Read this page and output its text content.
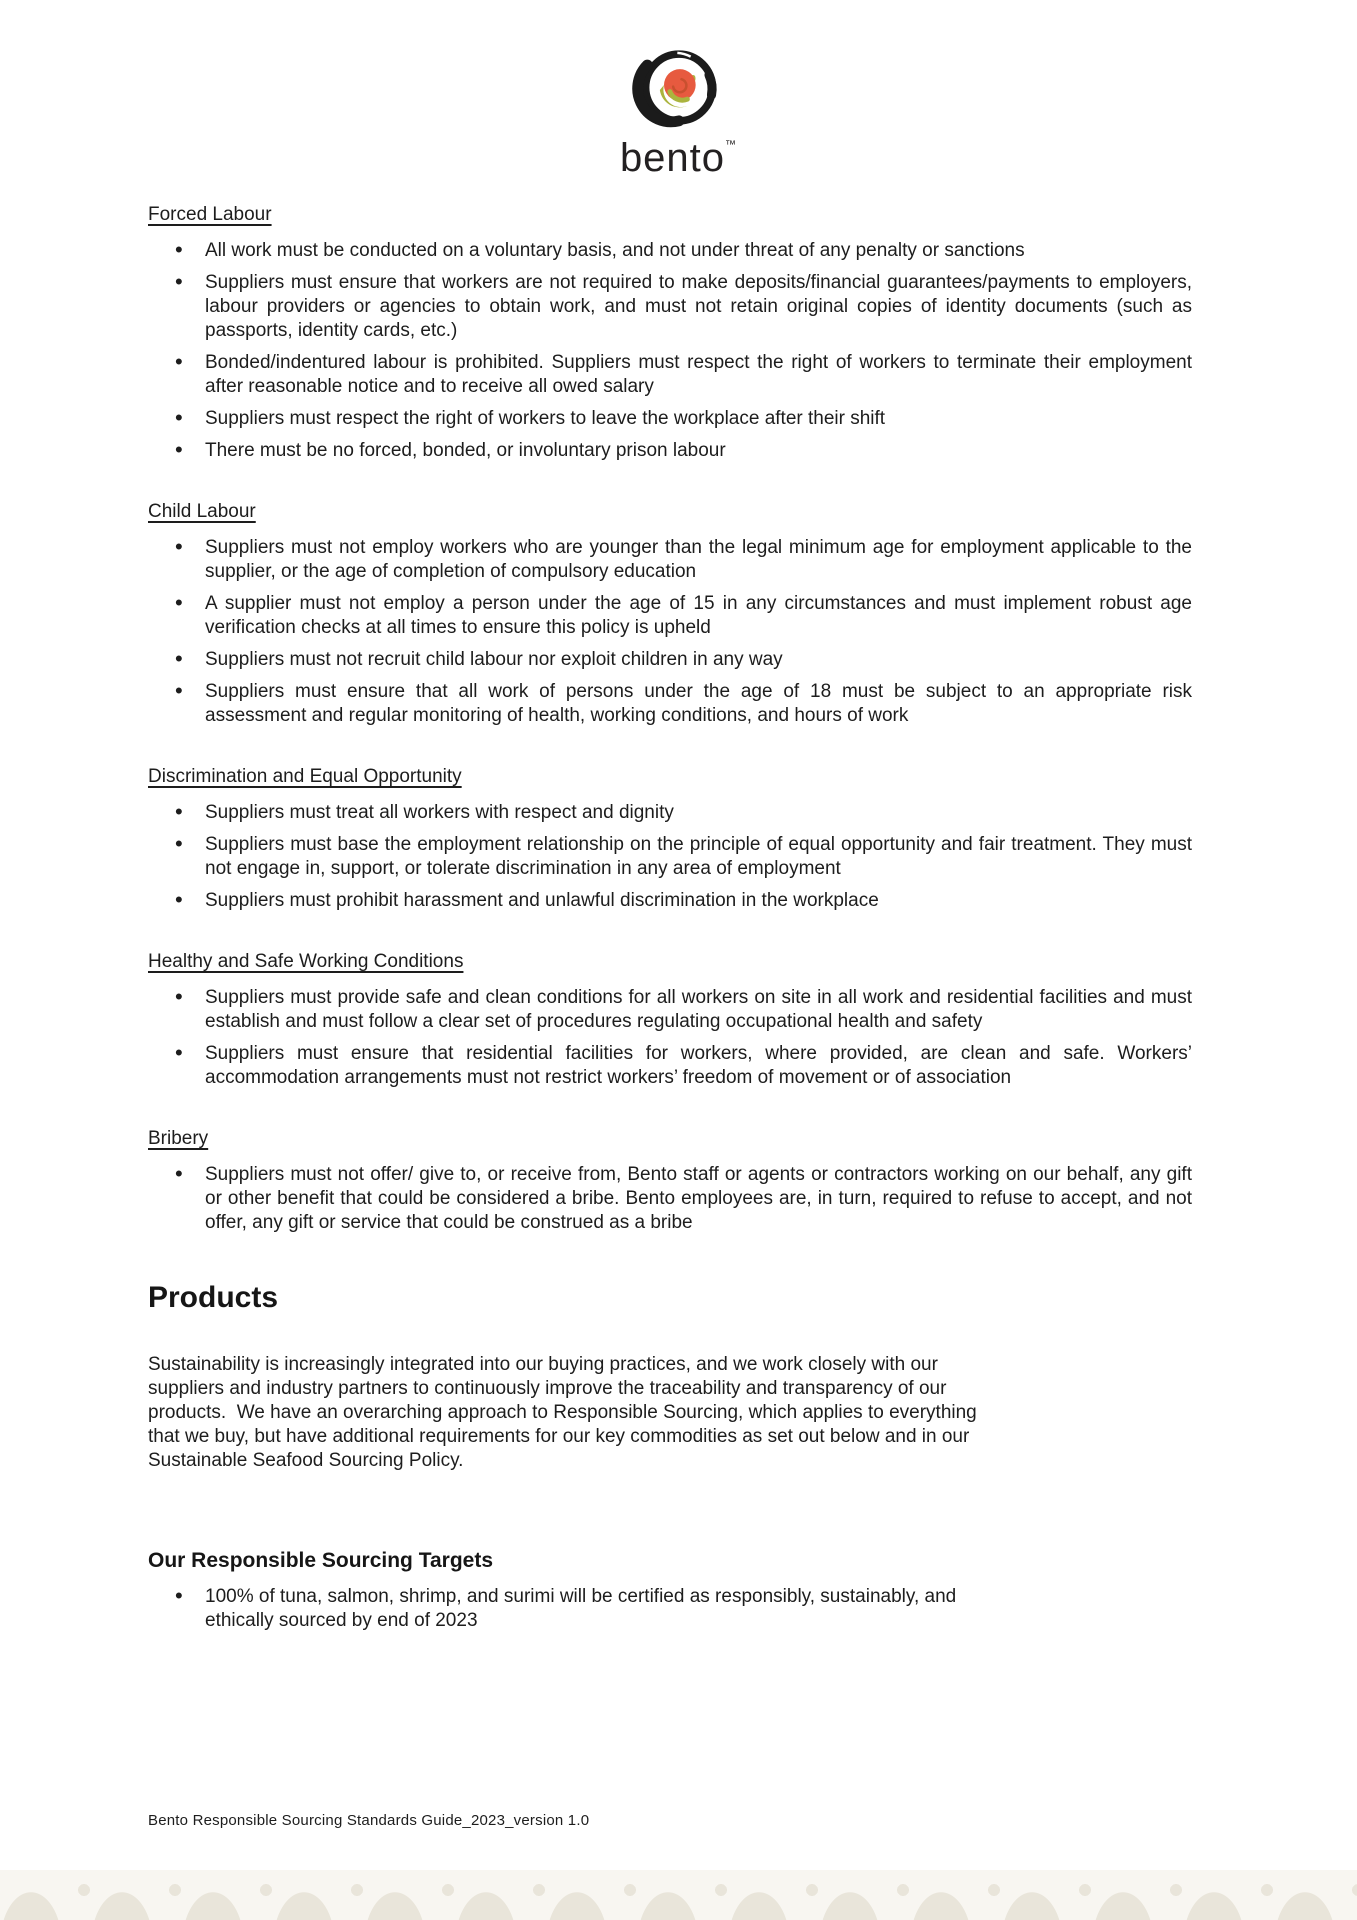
bento™
Forced Labour
• All work must be conducted on a voluntary basis, and not under threat of any penalty or sanctions
• Suppliers must ensure that workers are not required to make deposits/financial guarantees/payments to employers, labour providers or agencies to obtain work, and must not retain original copies of identity documents (such as passports, identity cards, etc.)
• Bonded/indentured labour is prohibited. Suppliers must respect the right of workers to terminate their employment after reasonable notice and to receive all owed salary
• Suppliers must respect the right of workers to leave the workplace after their shift
• There must be no forced, bonded, or involuntary prison labour
Child Labour
• Suppliers must not employ workers who are younger than the legal minimum age for employment applicable to the supplier, or the age of completion of compulsory education
• A supplier must not employ a person under the age of 15 in any circumstances and must implement robust age verification checks at all times to ensure this policy is upheld
• Suppliers must not recruit child labour nor exploit children in any way
• Suppliers must ensure that all work of persons under the age of 18 must be subject to an appropriate risk assessment and regular monitoring of health, working conditions, and hours of work
Discrimination and Equal Opportunity
• Suppliers must treat all workers with respect and dignity
• Suppliers must base the employment relationship on the principle of equal opportunity and fair treatment. They must not engage in, support, or tolerate discrimination in any area of employment
• Suppliers must prohibit harassment and unlawful discrimination in the workplace
Healthy and Safe Working Conditions
• Suppliers must provide safe and clean conditions for all workers on site in all work and residential facilities and must establish and must follow a clear set of procedures regulating occupational health and safety
• Suppliers must ensure that residential facilities for workers, where provided, are clean and safe. Workers’ accommodation arrangements must not restrict workers’ freedom of movement or of association
Bribery
• Suppliers must not offer/ give to, or receive from, Bento staff or agents or contractors working on our behalf, any gift or other benefit that could be considered a bribe. Bento employees are, in turn, required to refuse to accept, and not offer, any gift or service that could be construed as a bribe
Products

Sustainability is increasingly integrated into our buying practices, and we work closely with our suppliers and industry partners to continuously improve the traceability and transparency of our products.  We have an overarching approach to Responsible Sourcing, which applies to everything that we buy, but have additional requirements for our key commodities as set out below and in our Sustainable Seafood Sourcing Policy.

Our Responsible Sourcing Targets
• 100% of tuna, salmon, shrimp, and surimi will be certified as responsibly, sustainably, and ethically sourced by end of 2023
Bento Responsible Sourcing Standards Guide_2023_version 1.0
